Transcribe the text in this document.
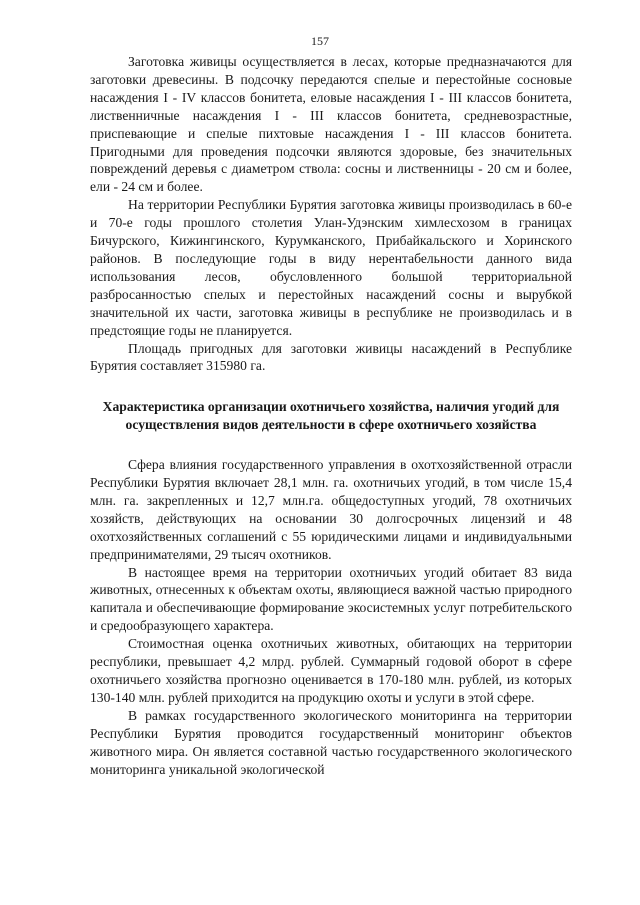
157

Заготовка живицы осуществляется в лесах, которые предназначаются для заготовки древесины. В подсочку передаются спелые и перестойные сосновые насаждения I - IV классов бонитета, еловые насаждения I - III классов бонитета, лиственничные насаждения I - III классов бонитета, средневозрастные, приспевающие и спелые пихтовые насаждения I - III классов бонитета. Пригодными для проведения подсочки являются здоровые, без значительных повреждений деревья с диаметром ствола: сосны и лиственницы - 20 см и более, ели - 24 см и более.

На территории Республики Бурятия заготовка живицы производилась в 60-е и 70-е годы прошлого столетия Улан-Удэнским химлесхозом в границах Бичурского, Кижингинского, Курумканского, Прибайкальского и Хоринского районов. В последующие годы в виду нерентабельности данного вида использования лесов, обусловленного большой территориальной разбросанностью спелых и перестойных насаждений сосны и вырубкой значительной их части, заготовка живицы в республике не производилась и в предстоящие годы не планируется.

Площадь пригодных для заготовки живицы насаждений в Республике Бурятия составляет 315980 га.

Характеристика организации охотничьего хозяйства, наличия угодий для осуществления видов деятельности в сфере охотничьего хозяйства

Сфера влияния государственного управления в охотхозяйственной отрасли Республики Бурятия включает 28,1 млн. га. охотничьих угодий, в том числе 15,4 млн. га. закрепленных и 12,7 млн.га. общедоступных угодий, 78 охотничьих хозяйств, действующих на основании 30 долгосрочных лицензий и 48 охотхозяйственных соглашений с 55 юридическими лицами и индивидуальными предпринимателями, 29 тысяч охотников.

В настоящее время на территории охотничьих угодий обитает 83 вида животных, отнесенных к объектам охоты, являющиеся важной частью природного капитала и обеспечивающие формирование экосистемных услуг потребительского и средообразующего характера.

Стоимостная оценка охотничьих животных, обитающих на территории республики, превышает 4,2 млрд. рублей. Суммарный годовой оборот в сфере охотничьего хозяйства прогнозно оценивается в 170-180 млн. рублей, из которых 130-140 млн. рублей приходится на продукцию охоты и услуги в этой сфере.

В рамках государственного экологического мониторинга на территории Республики Бурятия проводится государственный мониторинг объектов животного мира. Он является составной частью государственного экологического мониторинга уникальной экологической
